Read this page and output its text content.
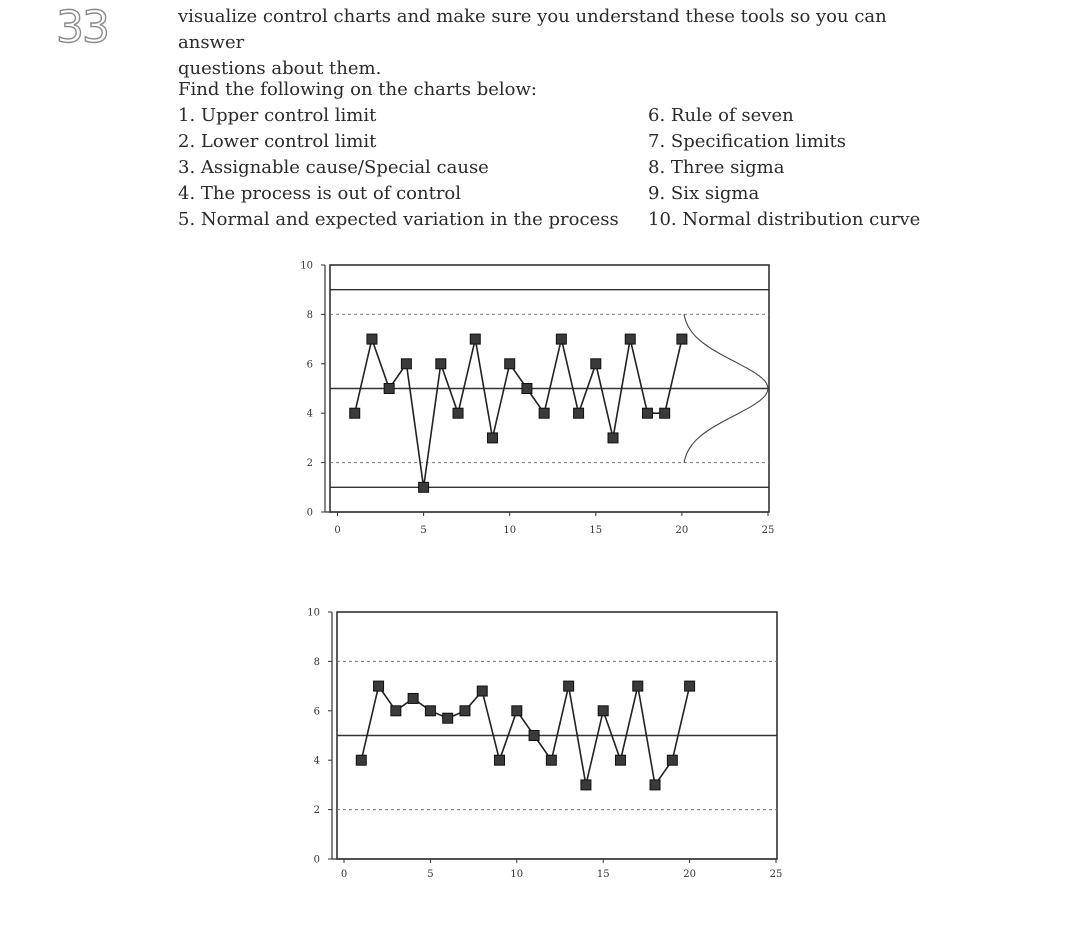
33	visualize control charts and make sure you understand these tools so you can answer
questions about them.
Find the following on the charts below:
1. Upper control limit
2. Lower control limit
3. Assignable cause/Special cause
4. The process is out of control
5. Normal and expected variation in the process
6. Rule of seven
7. Specification limits
8. Three sigma
9. Six sigma
10. Normal distribution curve
0
2
4
6
8
10
0	5	10	15	20	25
0
2
4
6
8
10
0	5	10	15	20	25
